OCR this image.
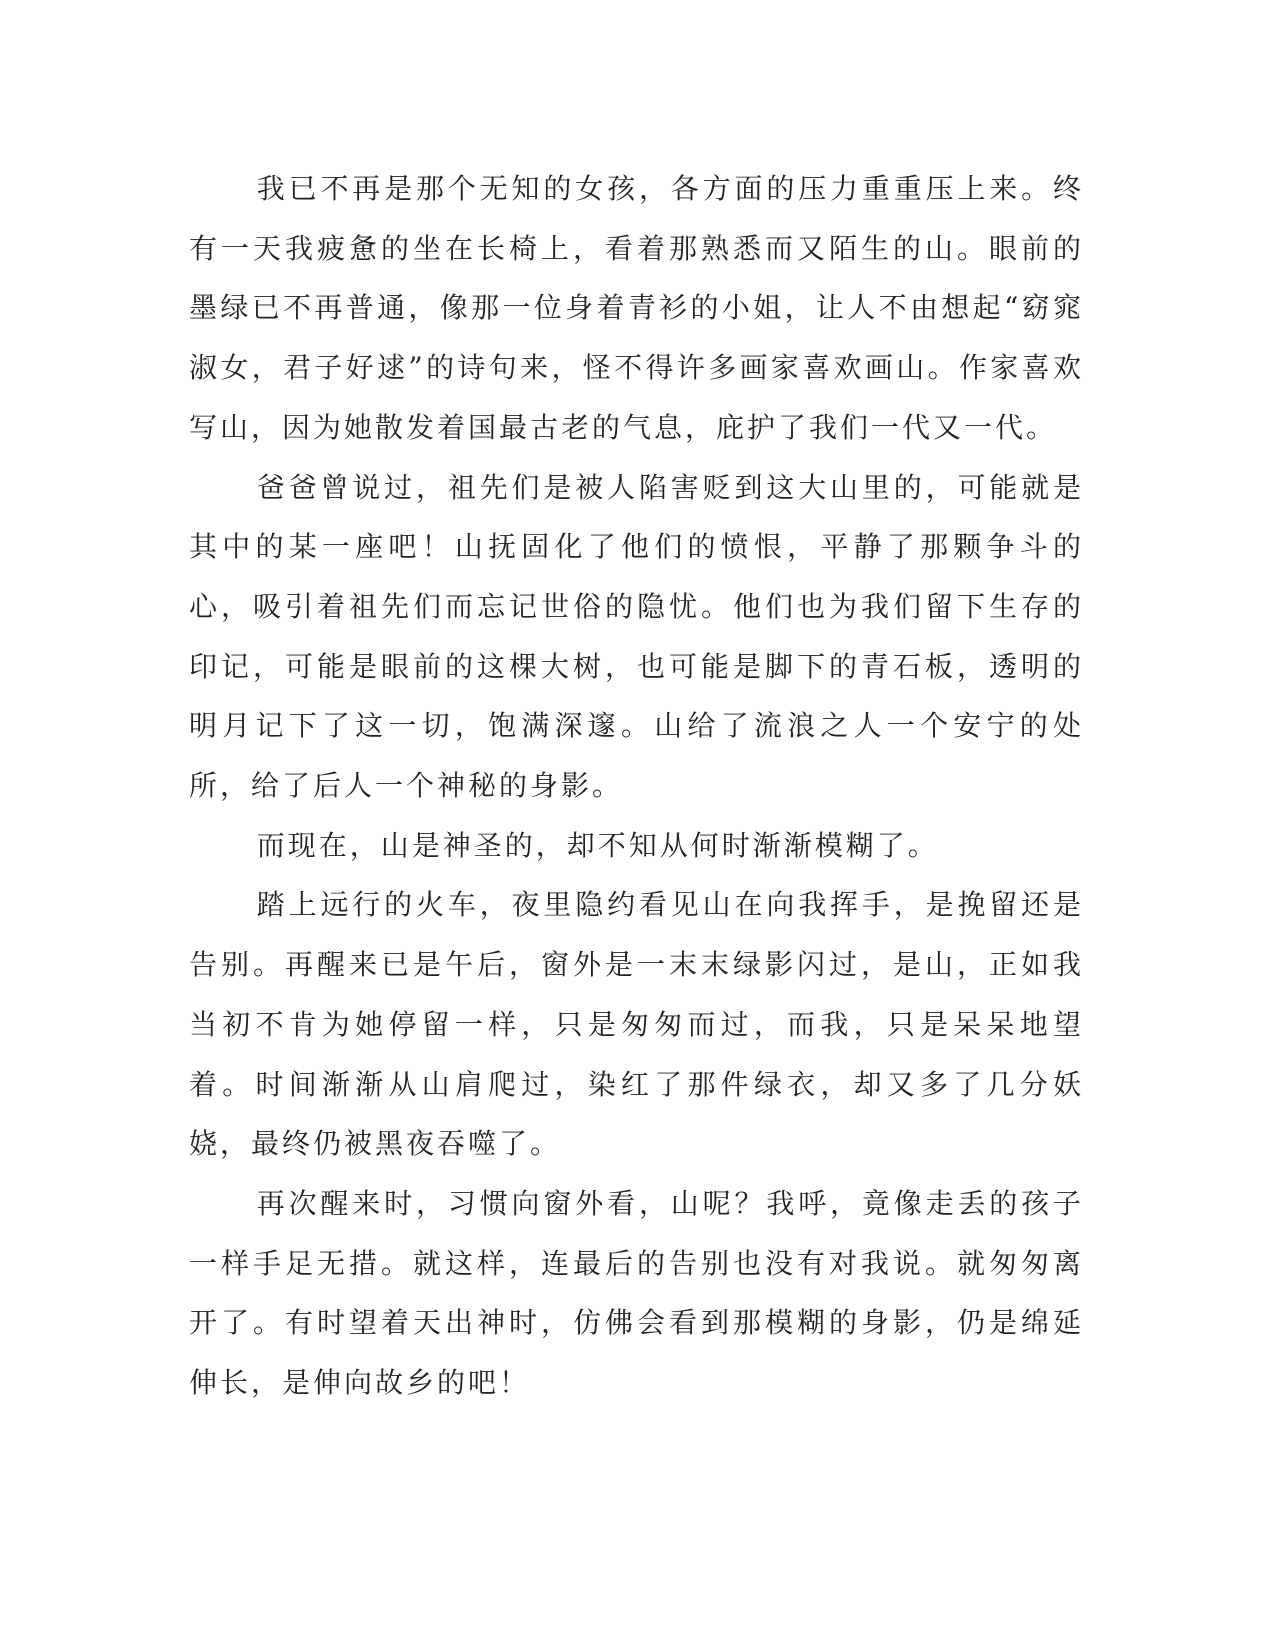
我已不再是那个无知的女孩，各方面的压力重重压上来。终有一天我疲惫的坐在长椅上，看着那熟悉而又陌生的山。眼前的墨绿已不再普通，像那一位身着青衫的小姐，让人不由想起“窈窕淑女，君子好逑”的诗句来，怪不得许多画家喜欢画山。作家喜欢写山，因为她散发着国最古老的气息，庇护了我们一代又一代。

爸爸曾说过，祖先们是被人陷害贬到这大山里的，可能就是其中的某一座吧！山抚固化了他们的愤恨，平静了那颗争斗的心，吸引着祖先们而忘记世俗的隐忧。他们也为我们留下生存的印记，可能是眼前的这棵大树，也可能是脚下的青石板，透明的明月记下了这一切，饱满深邃。山给了流浪之人一个安宁的处所，给了后人一个神秘的身影。

而现在，山是神圣的，却不知从何时渐渐模糊了。

踏上远行的火车，夜里隐约看见山在向我挥手，是挽留还是告别。再醒来已是午后，窗外是一末末绿影闪过，是山，正如我当初不肯为她停留一样，只是匆匆而过，而我，只是呆呆地望着。时间渐渐从山肩爬过，染红了那件绿衣，却又多了几分妖娆，最终仍被黑夜吞噬了。

再次醒来时，习惯向窗外看，山呢？我呼，竟像走丢的孩子一样手足无措。就这样，连最后的告别也没有对我说。就匆匆离开了。有时望着天出神时，仿佛会看到那模糊的身影，仍是绵延伸长，是伸向故乡的吧！
